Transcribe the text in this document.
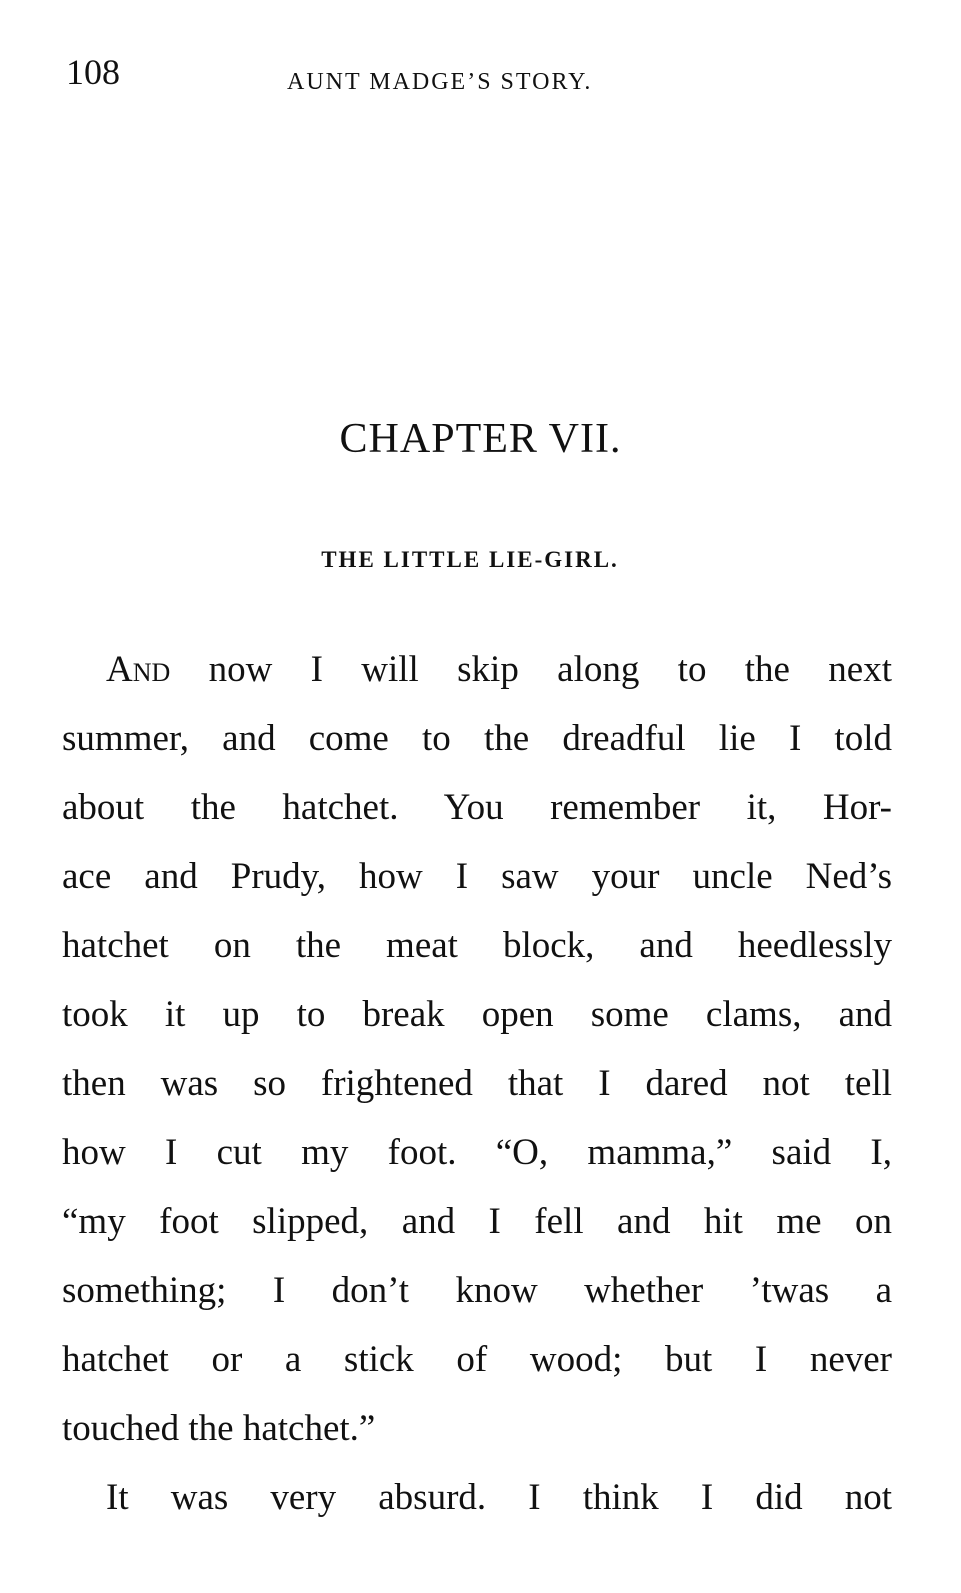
108	AUNT MADGE’S STORY.
CHAPTER VII.
THE LITTLE LIE-GIRL.
And now I will skip along to the next
summer, and come to the dreadful lie I told
about the hatchet. You remember it, Hor-
ace and Prudy, how I saw your uncle Ned’s
hatchet on the meat block, and heedlessly
took it up to break open some clams, and
then was so frightened that I dared not tell
how I cut my foot. “O, mamma,” said I,
“my foot slipped, and I fell and hit me on
something; I don’t know whether ’twas a
hatchet or a stick of wood; but I never
touched the hatchet.”
It was very absurd. I think I did not
